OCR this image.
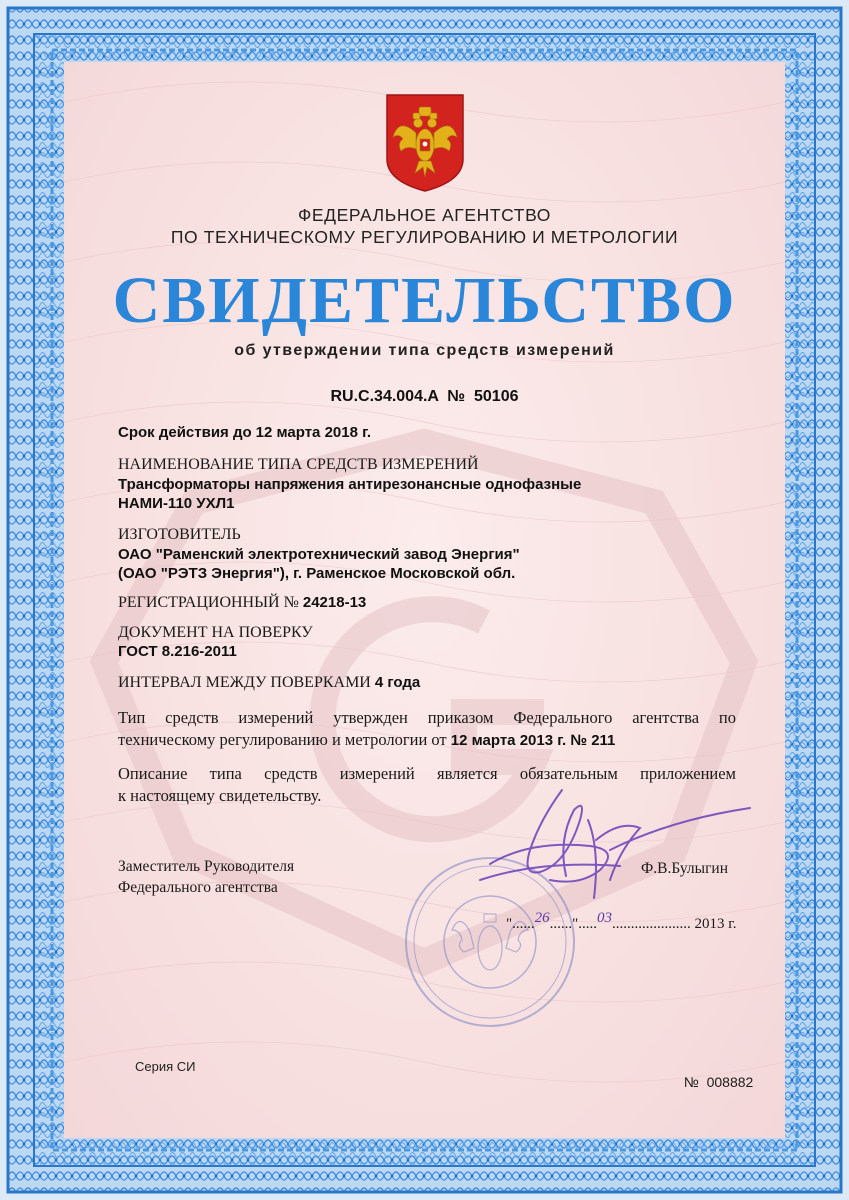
ФЕДЕРАЛЬНОЕ АГЕНТСТВО
ПО ТЕХНИЧЕСКОМУ РЕГУЛИРОВАНИЮ И МЕТРОЛОГИИ
СВИДЕТЕЛЬСТВО
об утверждении типа средств измерений
RU.C.34.004.A  №  50106
Срок действия до 12 марта 2018 г.
НАИМЕНОВАНИЕ ТИПА СРЕДСТВ ИЗМЕРЕНИЙ
Трансформаторы напряжения антирезонансные однофазные
НАМИ-110 УХЛ1
ИЗГОТОВИТЕЛЬ
ОАО "Раменский электротехнический завод Энергия"
(ОАО "РЭТЗ Энергия"), г. Раменское Московской обл.
РЕГИСТРАЦИОННЫЙ № 24218-13
ДОКУМЕНТ НА ПОВЕРКУ
ГОСТ 8.216-2011
ИНТЕРВАЛ МЕЖДУ ПОВЕРКАМИ 4 года
Тип средств измерений утвержден приказом Федерального агентства по
техническому регулированию и метрологии от 12 марта 2013 г. № 211
Описание типа средств измерений является обязательным приложением
к настоящему свидетельству.
Заместитель Руководителя
Федерального агентства
Ф.В.Булыгин
"......26......".....03..................... 2013 г.
Серия СИ

№  008882
